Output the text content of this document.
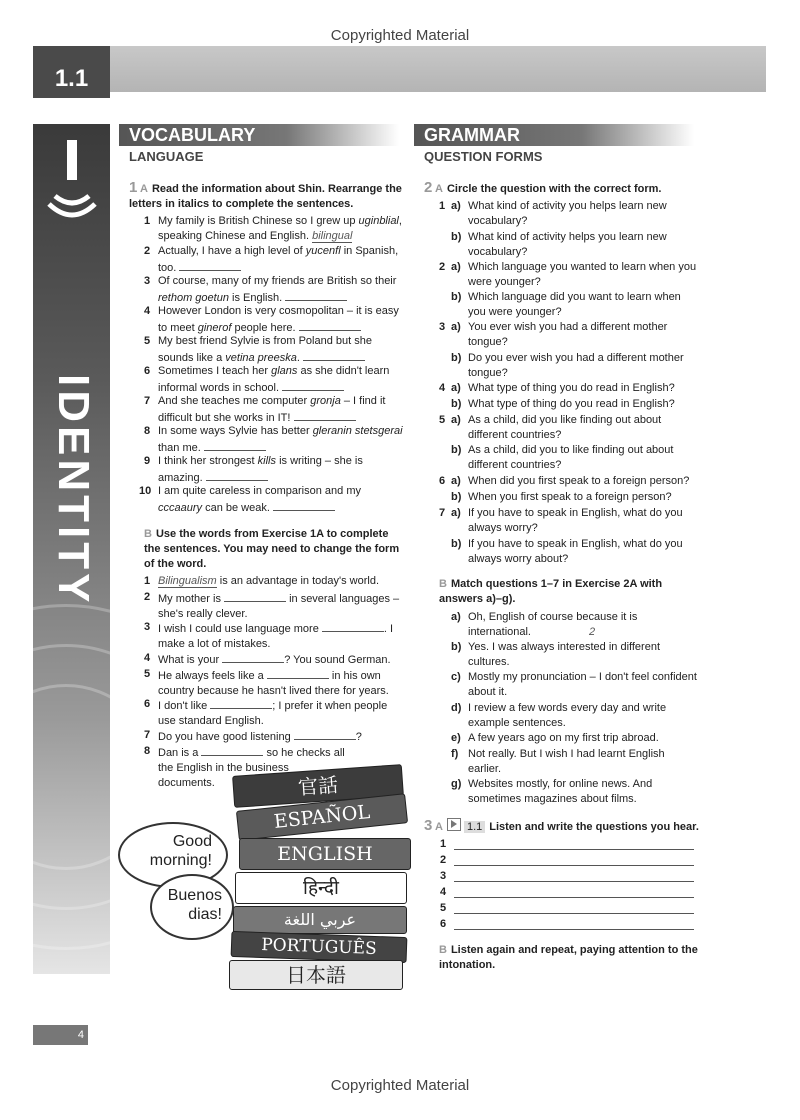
Copyrighted Material
1.1
IDENTITY
VOCABULARY
LANGUAGE
1 A Read the information about Shin. Rearrange the letters in italics to complete the sentences.
1 My family is British Chinese so I grew up uginblial, speaking Chinese and English. bilingual
2 Actually, I have a high level of yucenfl in Spanish, too.
3 Of course, many of my friends are British so their rethom goetun is English.
4 However London is very cosmopolitan – it is easy to meet ginerof people here.
5 My best friend Sylvie is from Poland but she sounds like a vetina preeska.
6 Sometimes I teach her glans as she didn't learn informal words in school.
7 And she teaches me computer gronja – I find it difficult but she works in IT!
8 In some ways Sylvie has better gleranin stetsgerai than me.
9 I think her strongest kills is writing – she is amazing.
10 I am quite careless in comparison and my cccaaury can be weak.
B Use the words from Exercise 1A to complete the sentences. You may need to change the form of the word.
1 Bilingualism is an advantage in today's world.
2 My mother is	in several languages – she's really clever.
3 I wish I could use language more	. I make a lot of mistakes.
4 What is your	? You sound German.
5 He always feels like a	in his own country because he hasn't lived there for years.
6 I don't like	; I prefer it when people use standard English.
7 Do you have good listening	?
8 Dan is a	so he checks all the English in the business documents.	官話
ESPAÑOL
ENGLISH
हिन्दी
عربي اللغة
PORTUGUÊS
日本語
Good morning!
Buenos dias!
GRAMMAR
QUESTION FORMS
2 A Circle the question with the correct form.
1 a) What kind of activity you helps learn new vocabulary?
b) What kind of activity helps you learn new vocabulary?
2 a) Which language you wanted to learn when you were younger?
b) Which language did you want to learn when you were younger?
3 a) You ever wish you had a different mother tongue?
b) Do you ever wish you had a different mother tongue?
4 a) What type of thing you do read in English?
b) What type of thing do you read in English?
5 a) As a child, did you like finding out about different countries?
b) As a child, did you to like finding out about different countries?
6 a) When did you first speak to a foreign person?
b) When you first speak to a foreign person?
7 a) If you have to speak in English, what do you always worry?
b) If you have to speak in English, what do you always worry about?
B Match questions 1–7 in Exercise 2A with answers a)–g).
a) Oh, English of course because it is international.	2
b) Yes. I was always interested in different cultures.
c) Mostly my pronunciation – I don't feel confident about it.
d) I review a few words every day and write example sentences.
e) A few years ago on my first trip abroad.
f) Not really. But I wish I had learnt English earlier.
g) Websites mostly, for online news. And sometimes magazines about films.
3 A 1.1 Listen and write the questions you hear.
1
2
3
4
5
6
B Listen again and repeat, paying attention to the intonation.
4
Copyrighted Material
